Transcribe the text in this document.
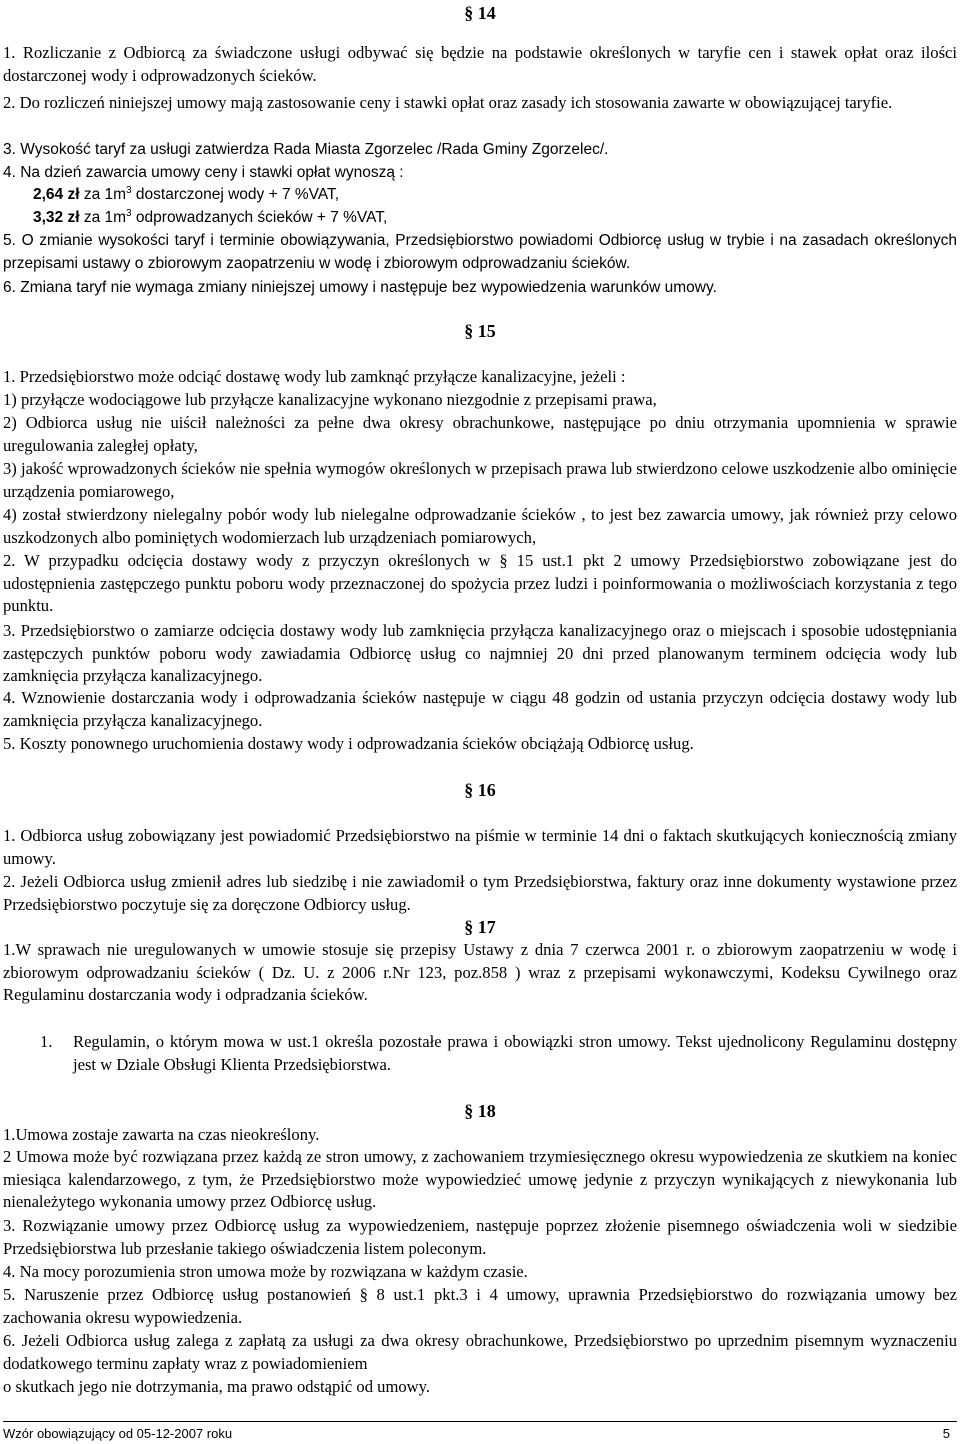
§ 14

1. Rozliczanie z Odbiorcą za świadczone usługi odbywać się będzie na podstawie określonych w taryfie cen i stawek opłat oraz ilości dostarczonej wody i odprowadzonych ścieków.

2. Do rozliczeń niniejszej umowy mają zastosowanie ceny i stawki opłat oraz zasady ich stosowania zawarte w obowiązującej taryfie.

3. Wysokość taryf za usługi zatwierdza Rada Miasta Zgorzelec /Rada Gminy Zgorzelec/.

4. Na dzień zawarcia umowy ceny i stawki opłat wynoszą :

2,64 zł za $1m^3$ dostarczonej wody + 7 %VAT,
3,32 zł za $1m^3$ odprowadzanych ścieków + 7 %VAT,

5. O zmianie wysokości taryf i terminie obowiązywania, Przedsiębiorstwo powiadomi Odbiorcę usług w trybie i na zasadach określonych przepisami ustawy o zbiorowym zaopatrzeniu w wodę i zbiorowym odprowadzaniu ścieków.

6. Zmiana taryf nie wymaga zmiany niniejszej umowy i następuje bez wypowiedzenia warunków umowy.

§ 15

1. Przedsiębiorstwo może odciąć dostawę wody lub zamknąć przyłącze kanalizacyjne, jeżeli :

1) przyłącze wodociągowe lub przyłącze kanalizacyjne wykonano niezgodnie z przepisami prawa,

2) Odbiorca usług nie uiścił należności za pełne dwa okresy obrachunkowe, następujące po dniu otrzymania upomnienia w sprawie uregulowania zaległej opłaty,

3) jakość wprowadzonych ścieków nie spełnia wymogów określonych w przepisach prawa lub stwierdzono celowe uszkodzenie albo ominięcie urządzenia pomiarowego,

4) został stwierdzony nielegalny pobór wody lub nielegalne odprowadzanie ścieków , to jest bez zawarcia umowy, jak również przy celowo uszkodzonych albo pominiętych wodomierzach lub urządzeniach pomiarowych,

2. W przypadku odcięcia dostawy wody z przyczyn określonych w § 15 ust.1 pkt 2 umowy Przedsiębiorstwo zobowiązane jest do udostępnienia zastępczego punktu poboru wody przeznaczonej do spożycia przez ludzi i poinformowania o możliwościach korzystania z tego punktu.

3. Przedsiębiorstwo o zamiarze odcięcia dostawy wody lub zamknięcia przyłącza kanalizacyjnego oraz o miejscach i sposobie udostępniania zastępczych punktów poboru wody zawiadamia Odbiorcę usług co najmniej 20 dni przed planowanym terminem odcięcia wody lub zamknięcia przyłącza kanalizacyjnego.

4. Wznowienie dostarczania wody i odprowadzania ścieków następuje w ciągu 48 godzin od ustania przyczyn odcięcia dostawy wody lub zamknięcia przyłącza kanalizacyjnego.

5. Koszty ponownego uruchomienia dostawy wody i odprowadzania ścieków obciążają Odbiorcę usług.

§ 16

1. Odbiorca usług zobowiązany jest powiadomić Przedsiębiorstwo na piśmie w terminie 14 dni o faktach skutkujących koniecznością zmiany umowy.

2. Jeżeli Odbiorca usług zmienił adres lub siedzibę i nie zawiadomił o tym Przedsiębiorstwa, faktury oraz inne dokumenty wystawione przez Przedsiębiorstwo poczytuje się za doręczone Odbiorcy usług.

§ 17

1.W sprawach nie uregulowanych w umowie stosuje się przepisy Ustawy z dnia 7 czerwca 2001 r. o zbiorowym zaopatrzeniu w wodę i zbiorowym odprowadzaniu ścieków ( Dz. U. z 2006 r.Nr 123, poz.858 ) wraz z przepisami wykonawczymi, Kodeksu Cywilnego oraz Regulaminu dostarczania wody i odpradzania ścieków.

1. Regulamin, o którym mowa w ust.1 określa pozostałe prawa i obowiązki stron umowy. Tekst ujednolicony Regulaminu dostępny jest w Dziale Obsługi Klienta Przedsiębiorstwa.
§ 18

1.Umowa zostaje zawarta na czas nieokreślony.

2 Umowa może być rozwiązana przez każdą ze stron umowy, z zachowaniem trzymiesięcznego okresu wypowiedzenia ze skutkiem na koniec miesiąca kalendarzowego, z tym, że Przedsiębiorstwo może wypowiedzieć umowę jedynie z przyczyn wynikających z niewykonania lub nienależytego wykonania umowy przez Odbiorcę usług.

3. Rozwiązanie umowy przez Odbiorcę usług za wypowiedzeniem, następuje poprzez złożenie pisemnego oświadczenia woli w siedzibie Przedsiębiorstwa lub przesłanie takiego oświadczenia listem poleconym.

4. Na mocy porozumienia stron umowa może by rozwiązana w każdym czasie.

5. Naruszenie przez Odbiorcę usług postanowień § 8 ust.1 pkt.3 i 4 umowy, uprawnia Przedsiębiorstwo do rozwiązania umowy bez zachowania okresu wypowiedzenia.

6. Jeżeli Odbiorca usług zalega z zapłatą za usługi za dwa okresy obrachunkowe, Przedsiębiorstwo po uprzednim pisemnym wyznaczeniu dodatkowego terminu zapłaty wraz z powiadomieniem

o skutkach jego nie dotrzymania, ma prawo odstąpić od umowy.

Wzór obowiązujący od 05-12-2007 roku	5
